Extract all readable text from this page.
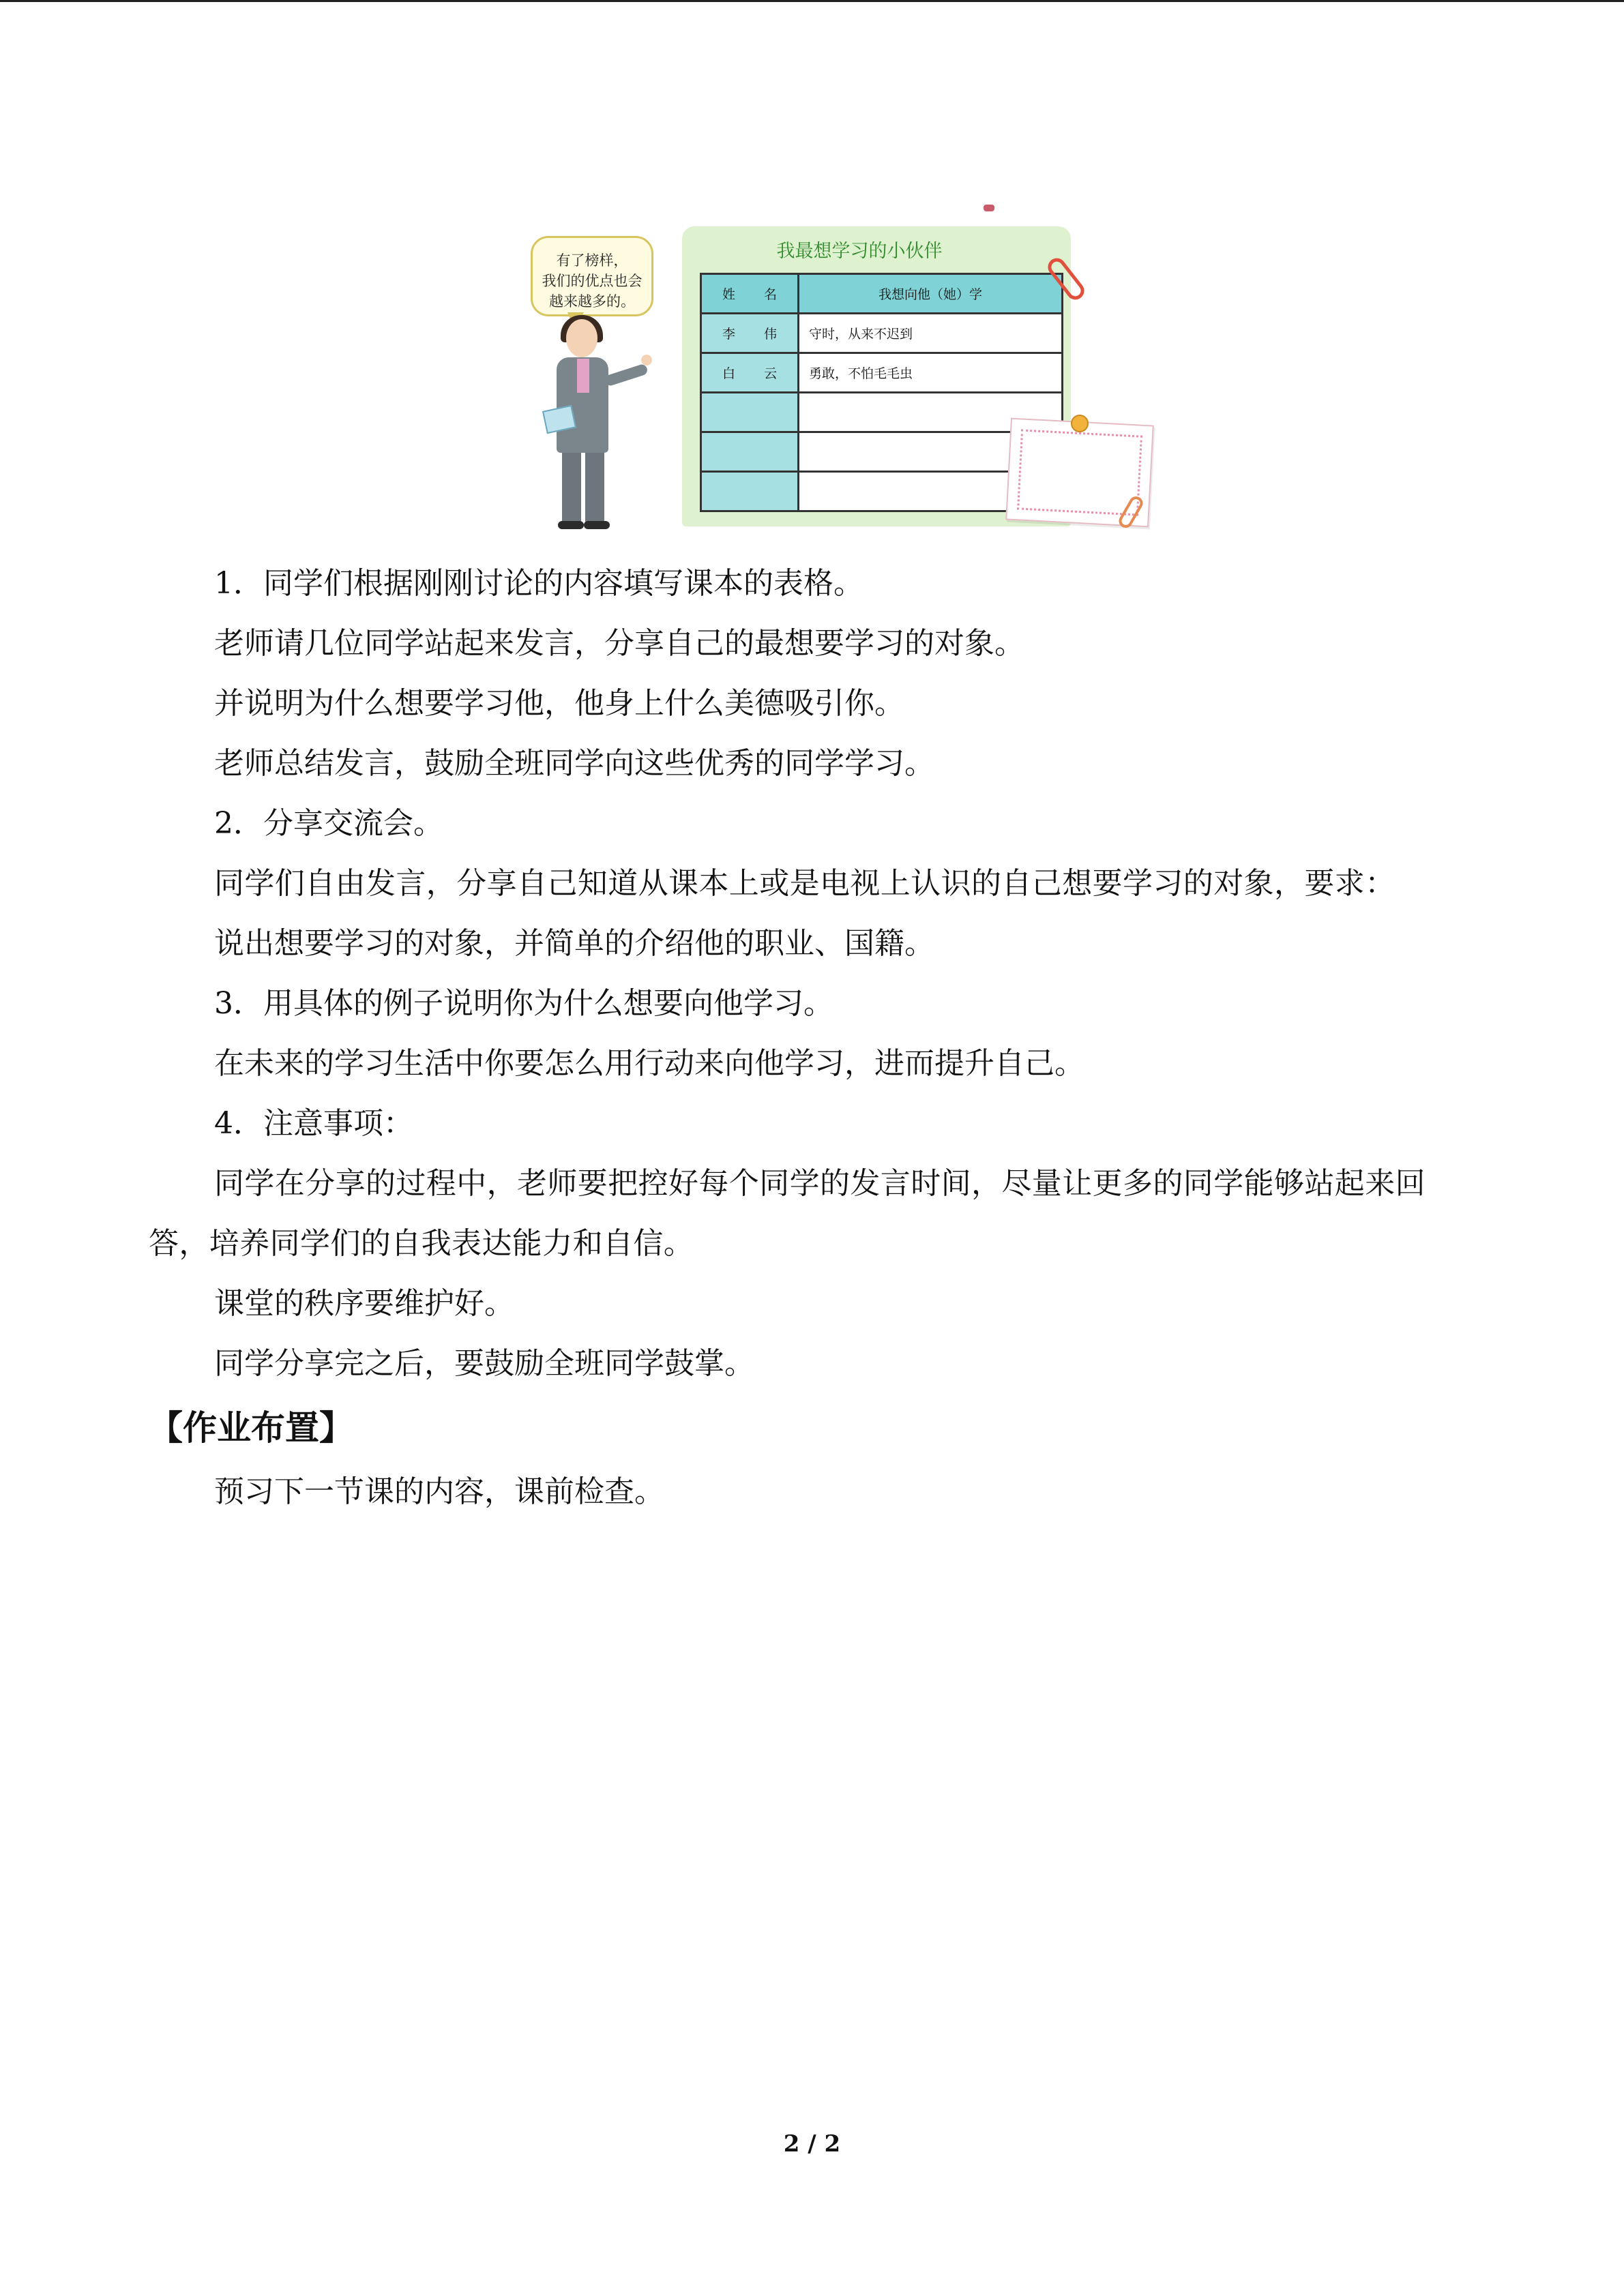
有了榜样，
我们的优点也会
越来越多的。
我最想学习的小伙伴
姓 名	我想向他（她）学
李 伟	守时，从来不迟到
白 云	勇敢，不怕毛毛虫

1．同学们根据刚刚讨论的内容填写课本的表格。

老师请几位同学站起来发言，分享自己的最想要学习的对象。

并说明为什么想要学习他，他身上什么美德吸引你。

老师总结发言，鼓励全班同学向这些优秀的同学学习。

2．分享交流会。

同学们自由发言，分享自己知道从课本上或是电视上认识的自己想要学习的对象，要求：

说出想要学习的对象，并简单的介绍他的职业、国籍。

3．用具体的例子说明你为什么想要向他学习。

在未来的学习生活中你要怎么用行动来向他学习，进而提升自己。

4．注意事项：

同学在分享的过程中，老师要把控好每个同学的发言时间，尽量让更多的同学能够站起来回答，培养同学们的自我表达能力和自信。

课堂的秩序要维护好。

同学分享完之后，要鼓励全班同学鼓掌。

【作业布置】

预习下一节课的内容，课前检查。

2 / 2
